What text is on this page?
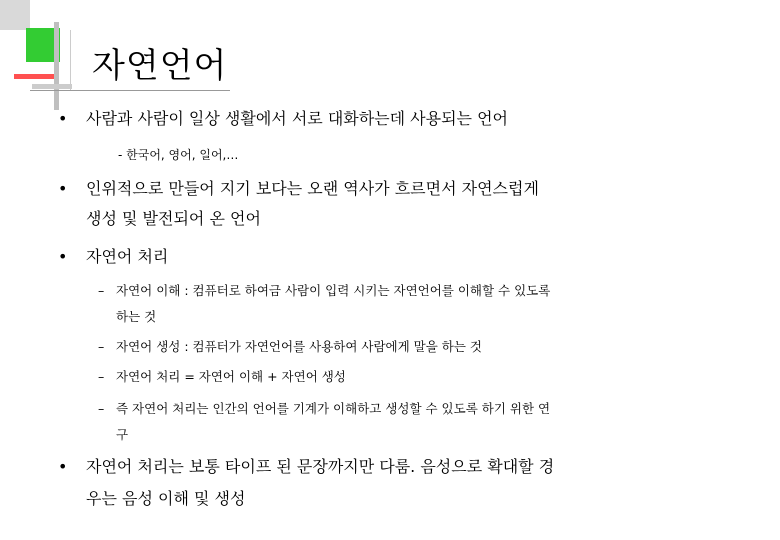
자연언어
• 사람과 사람이 일상 생활에서 서로 대화하는데 사용되는 언어
- 한국어, 영어, 일어,…
• 인위적으로 만들어 지기 보다는 오랜 역사가 흐르면서 자연스럽게
생성 및 발전되어 온 언어
• 자연어 처리
– 자연어 이해 : 컴퓨터로 하여금 사람이 입력 시키는 자연언어를 이해할 수 있도록
하는 것
– 자연어 생성 : 컴퓨터가 자연언어를 사용하여 사람에게 말을 하는 것
– 자연어 처리 = 자연어 이해 + 자연어 생성
– 즉 자연어 처리는 인간의 언어를 기계가 이해하고 생성할 수 있도록 하기 위한 연
구
• 자연어 처리는 보통 타이프 된 문장까지만 다룸. 음성으로 확대할 경
우는 음성 이해 및 생성
